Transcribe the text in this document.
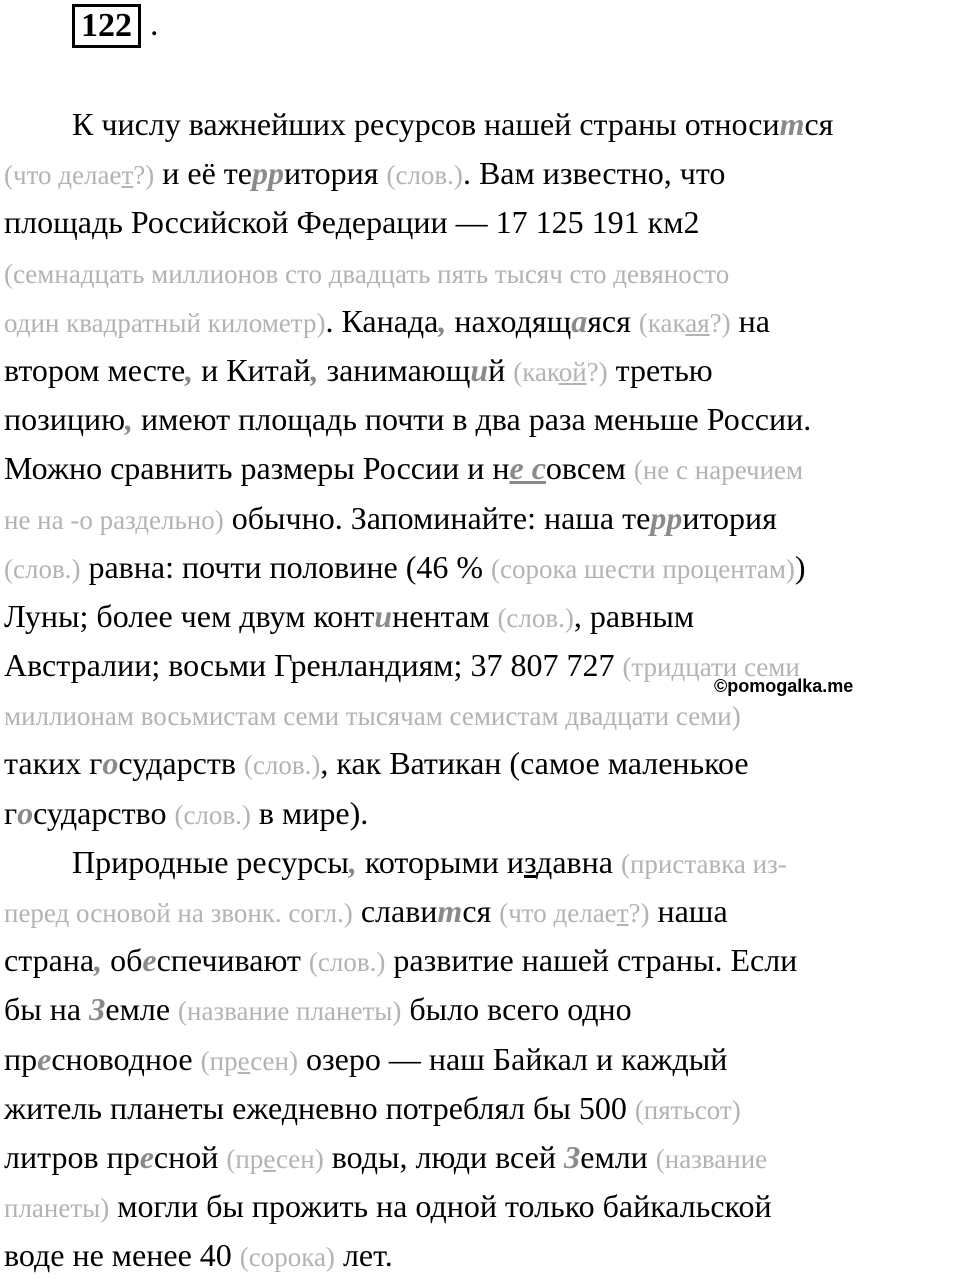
122 .
К числу важнейших ресурсов нашей страны относится
(что делает?) и её территория (слов.). Вам известно, что
площадь Российской Федерации — 17 125 191 км2
(семнадцать миллионов сто двадцать пять тысяч сто девяносто
один квадратный километр). Канада, находящаяся (какая?) на
втором месте, и Китай, занимающий (какой?) третью
позицию, имеют площадь почти в два раза меньше России.
Можно сравнить размеры России и не совсем (не с наречием
не на -о раздельно) обычно. Запоминайте: наша территория
(слов.) равна: почти половине (46 % (сорока шести процентам))
Луны; более чем двум континентам (слов.), равным
Австралии; восьми Гренландиям; 37 807 727 (тридцати семи
миллионам восьмистам семи тысячам семистам двадцати семи)
таких государств (слов.), как Ватикан (самое маленькое
государство (слов.) в мире).
Природные ресурсы, которыми издавна (приставка из-
перед основой на звонк. согл.) славится (что делает?) наша
страна, обеспечивают (слов.) развитие нашей страны. Если
бы на Земле (название планеты) было всего одно
пресноводное (пресен) озеро — наш Байкал и каждый
житель планеты ежедневно потреблял бы 500 (пятьсот)
литров пресной (пресен) воды, люди всей Земли (название
планеты) могли бы прожить на одной только байкальской
воде не менее 40 (сорока) лет.
©pomogalka.me
